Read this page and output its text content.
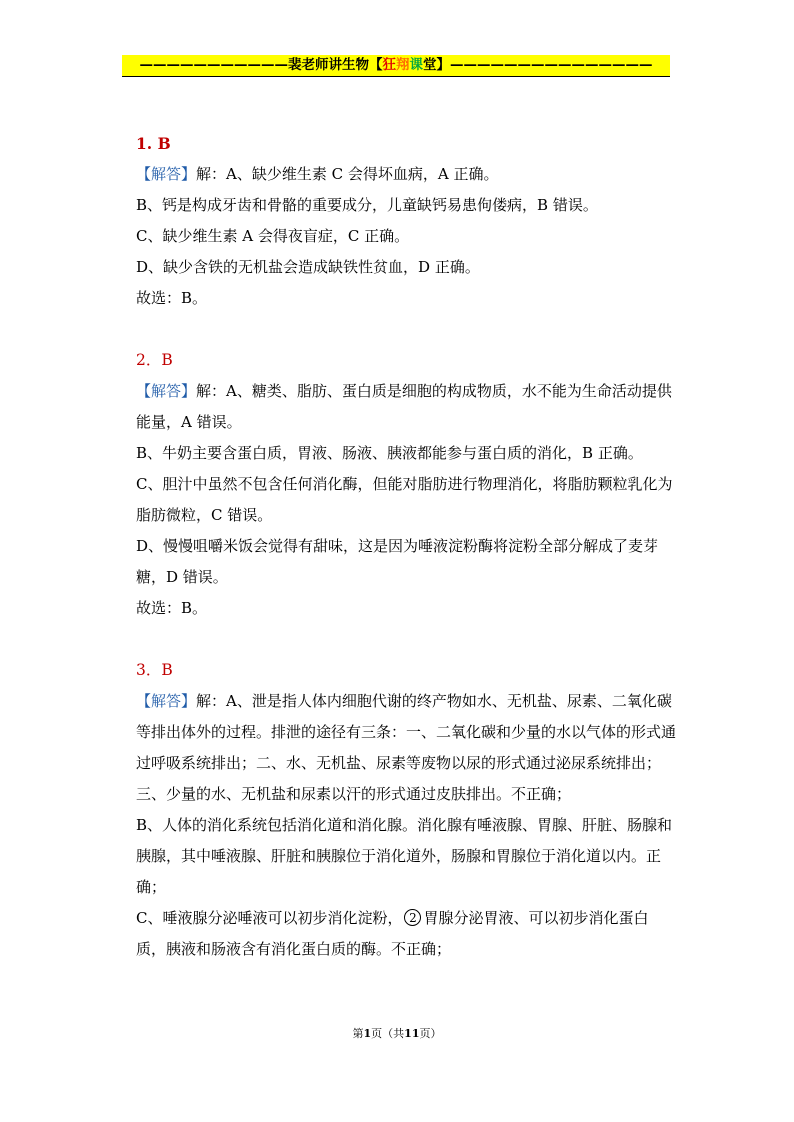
———————————裴老师讲生物【狂翔课堂】———————————————
1. B
【解答】解：A、缺少维生素 C 会得坏血病，A 正确。
B、钙是构成牙齿和骨骼的重要成分，儿童缺钙易患佝偻病，B 错误。
C、缺少维生素 A 会得夜盲症，C 正确。
D、缺少含铁的无机盐会造成缺铁性贫血，D 正确。
故选：B。
2．B
【解答】解：A、糖类、脂肪、蛋白质是细胞的构成物质，水不能为生命活动提供能量，A 错误。
B、牛奶主要含蛋白质，胃液、肠液、胰液都能参与蛋白质的消化，B 正确。
C、胆汁中虽然不包含任何消化酶，但能对脂肪进行物理消化，将脂肪颗粒乳化为脂肪微粒，C 错误。
D、慢慢咀嚼米饭会觉得有甜味，这是因为唾液淀粉酶将淀粉全部分解成了麦芽糖，D 错误。
故选：B。
3．B
【解答】解：A、泄是指人体内细胞代谢的终产物如水、无机盐、尿素、二氧化碳等排出体外的过程。排泄的途径有三条：一、二氧化碳和少量的水以气体的形式通过呼吸系统排出；二、水、无机盐、尿素等废物以尿的形式通过泌尿系统排出；三、少量的水、无机盐和尿素以汗的形式通过皮肤排出。不正确；
B、人体的消化系统包括消化道和消化腺。消化腺有唾液腺、胃腺、肝脏、肠腺和胰腺，其中唾液腺、肝脏和胰腺位于消化道外，肠腺和胃腺位于消化道以内。正确；
C、唾液腺分泌唾液可以初步消化淀粉， 2 胃腺分泌胃液、可以初步消化蛋白质，胰液和肠液含有消化蛋白质的酶。不正确；
第1页（共11页）
